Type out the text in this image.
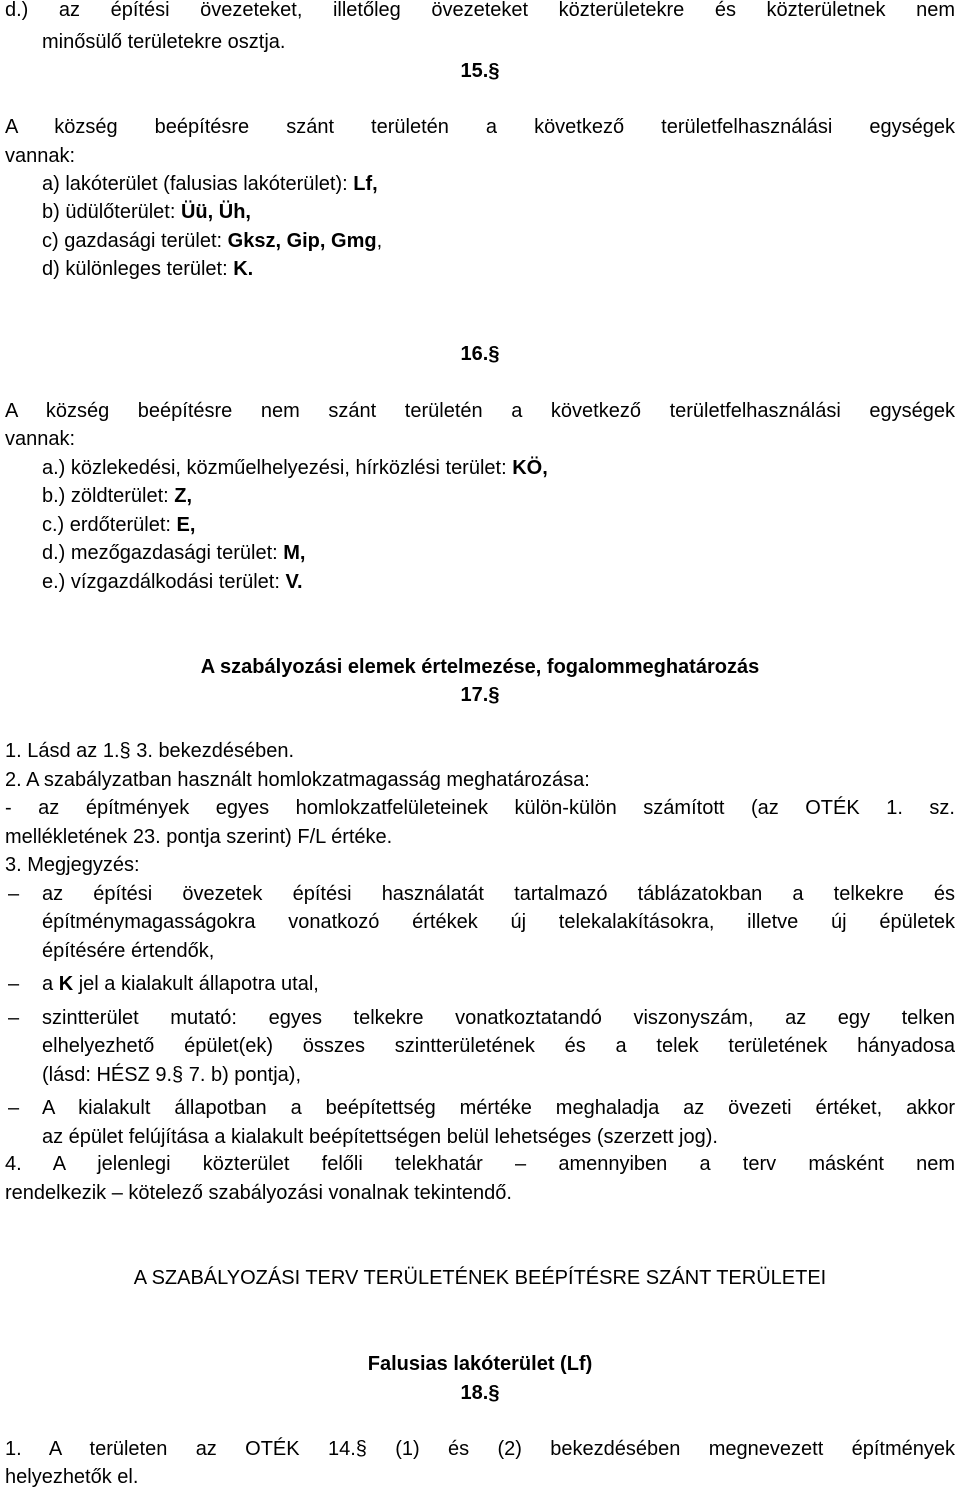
d.) az építési övezeteket, illetőleg övezeteket közterületekre és közterületnek nem
minősülő területekre osztja.
15.§
A község beépítésre szánt területén a következő területfelhasználási egységek
vannak:
a) lakóterület (falusias lakóterület): Lf,
b) üdülőterület: Üü, Üh,
c) gazdasági terület: Gksz, Gip, Gmg,
d) különleges terület: K.
16.§
A község beépítésre nem szánt területén a következő területfelhasználási egységek
vannak:
a.) közlekedési, közműelhelyezési, hírközlési terület: KÖ,
b.) zöldterület: Z,
c.) erdőterület: E,
d.) mezőgazdasági terület: M,
e.) vízgazdálkodási terület: V.
A szabályozási elemek értelmezése, fogalommeghatározás
17.§
1. Lásd az 1.§ 3. bekezdésében.
2. A szabályzatban használt homlokzatmagasság meghatározása:
- az építmények egyes homlokzatfelületeinek külön-külön számított (az OTÉK 1. sz.
mellékletének 23. pontja szerint) F/L értéke.
3. Megjegyzés:
– az építési övezetek építési használatát tartalmazó táblázatokban a telkekre és
építménymagasságokra vonatkozó értékek új telekalakításokra, illetve új épületek
építésére értendők,
– a K jel a kialakult állapotra utal,
– szintterület mutató: egyes telkekre vonatkoztatandó viszonyszám, az egy telken
elhelyezhető épület(ek) összes szintterületének és a telek területének hányadosa
(lásd: HÉSZ 9.§ 7. b) pontja),
– A kialakult állapotban a beépítettség mértéke meghaladja az övezeti értéket, akkor
az épület felújítása a kialakult beépítettségen belül lehetséges (szerzett jog).
4. A jelenlegi közterület felőli telekhatár – amennyiben a terv másként nem
rendelkezik – kötelező szabályozási vonalnak tekintendő.
A SZABÁLYOZÁSI TERV TERÜLETÉNEK BEÉPÍTÉSRE SZÁNT TERÜLETEI
Falusias lakóterület (Lf)
18.§
1. A területen az OTÉK 14.§ (1) és (2) bekezdésében megnevezett építmények
helyezhetők el.
